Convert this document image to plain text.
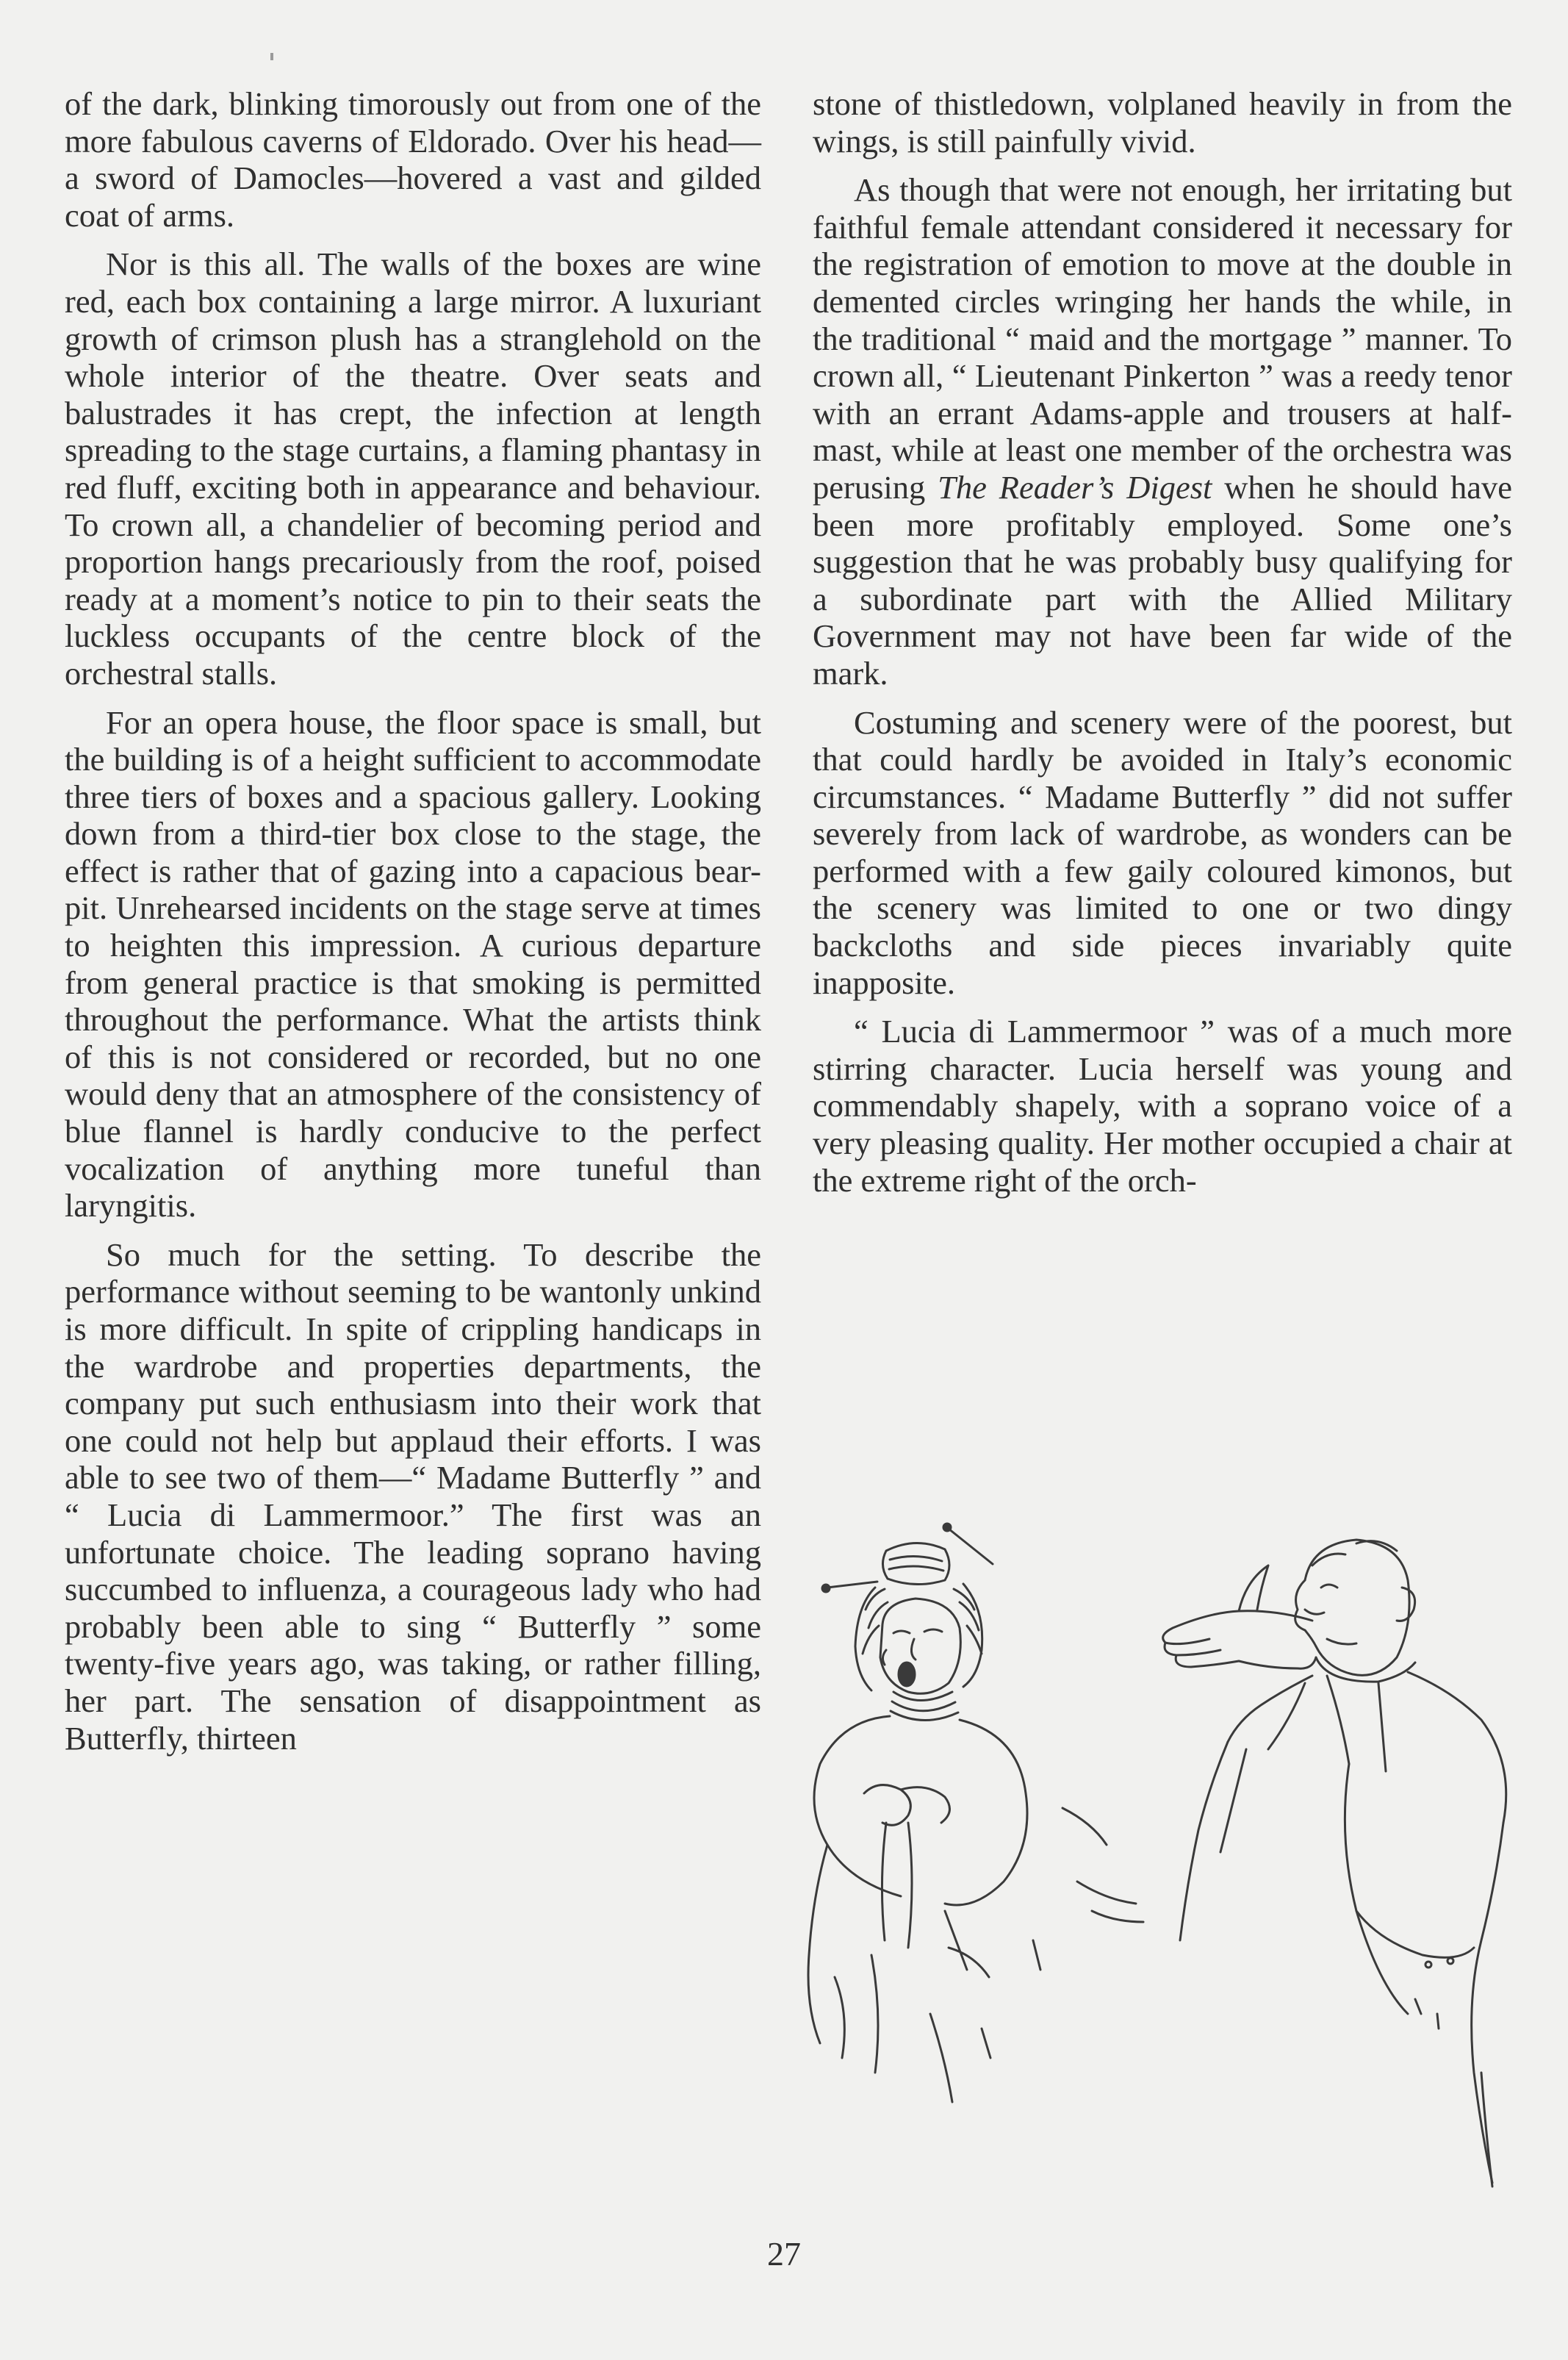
of the dark, blinking timorously out from one of the more fabulous caverns of Eldorado. Over his head—a sword of Damocles—hovered a vast and gilded coat of arms.

Nor is this all. The walls of the boxes are wine red, each box containing a large mirror. A luxuriant growth of crimson plush has a stranglehold on the whole interior of the theatre. Over seats and balustrades it has crept, the infection at length spreading to the stage curtains, a flaming phantasy in red fluff, exciting both in appearance and behaviour. To crown all, a chandelier of becoming period and proportion hangs precariously from the roof, poised ready at a moment’s notice to pin to their seats the luckless occupants of the centre block of the orchestral stalls.

For an opera house, the floor space is small, but the building is of a height sufficient to accommodate three tiers of boxes and a spacious gallery. Looking down from a third-tier box close to the stage, the effect is rather that of gazing into a capacious bear-pit. Unrehearsed incidents on the stage serve at times to heighten this impression. A curious departure from general practice is that smoking is permitted throughout the performance. What the artists think of this is not considered or recorded, but no one would deny that an atmosphere of the consistency of blue flannel is hardly conducive to the perfect vocalization of anything more tuneful than laryngitis.

So much for the setting. To describe the performance without seeming to be wantonly unkind is more difficult. In spite of crippling handicaps in the wardrobe and properties departments, the company put such enthusiasm into their work that one could not help but applaud their efforts. I was able to see two of them—“ Madame Butterfly ” and “ Lucia di Lammermoor.” The first was an unfortunate choice. The leading soprano having succumbed to influenza, a courageous lady who had probably been able to sing “ Butterfly ” some twenty-five years ago, was taking, or rather filling, her part. The sensation of disappointment as Butterfly, thirteen

stone of thistledown, volplaned heavily in from the wings, is still painfully vivid.

As though that were not enough, her irritating but faithful female attendant considered it necessary for the registration of emotion to move at the double in demented circles wringing her hands the while, in the traditional “ maid and the mortgage ” manner. To crown all, “ Lieutenant Pinkerton ” was a reedy tenor with an errant Adams-apple and trousers at half-mast, while at least one member of the orchestra was perusing The Reader’s Digest when he should have been more profitably employed. Some one’s suggestion that he was probably busy qualifying for a subordinate part with the Allied Military Government may not have been far wide of the mark.

Costuming and scenery were of the poorest, but that could hardly be avoided in Italy’s economic circumstances. “ Madame Butterfly ” did not suffer severely from lack of wardrobe, as wonders can be performed with a few gaily coloured kimonos, but the scenery was limited to one or two dingy backcloths and side pieces invariably quite inapposite.

“ Lucia di Lammermoor ” was of a much more stirring character. Lucia herself was young and commendably shapely, with a soprano voice of a very pleasing quality. Her mother occupied a chair at the extreme right of the orch-

27
